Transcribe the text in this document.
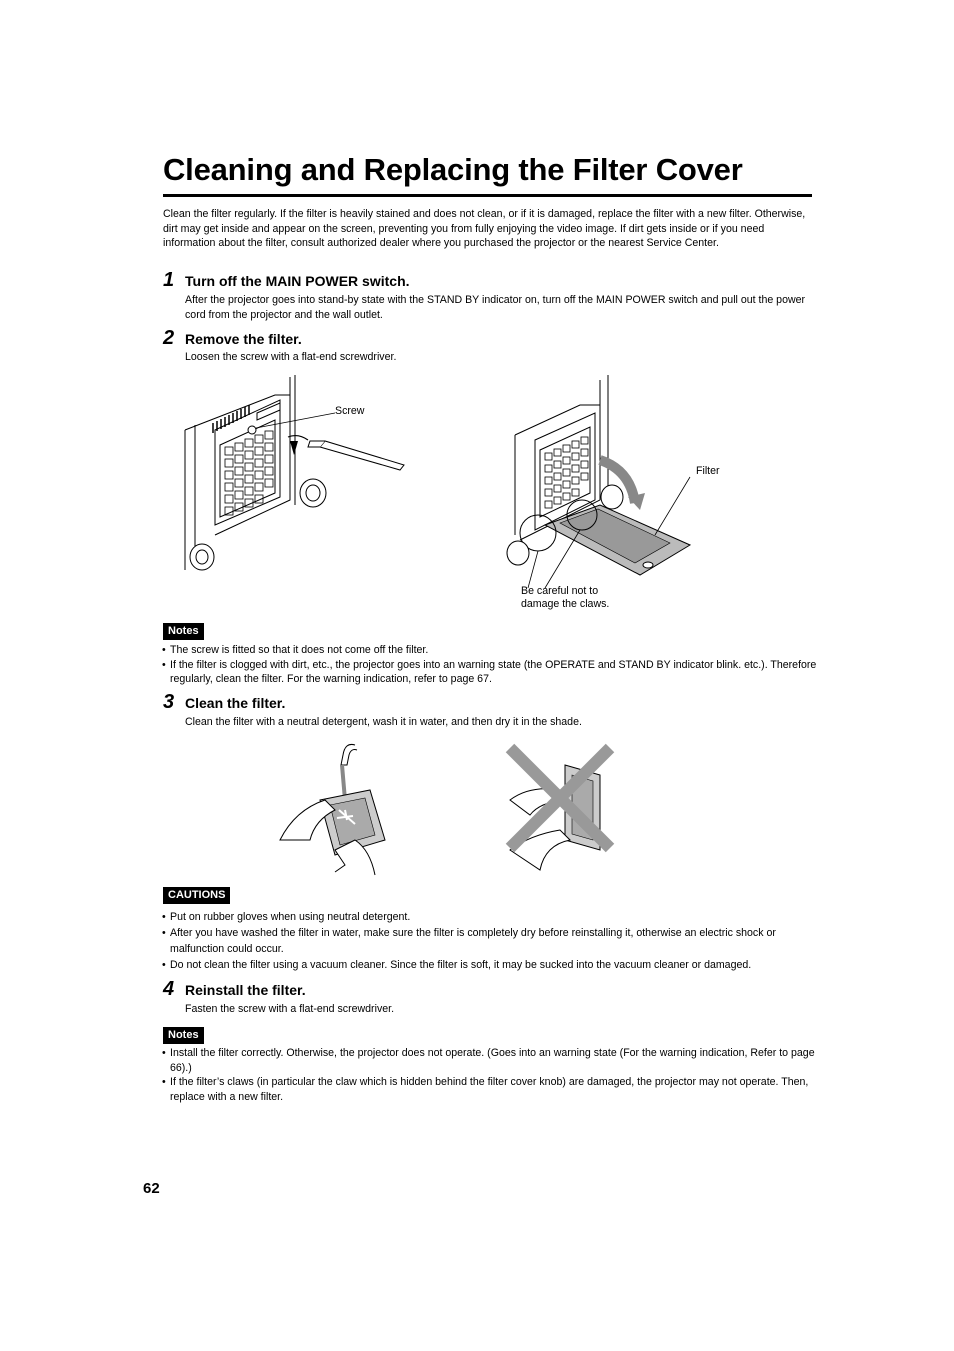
Cleaning and Replacing the Filter Cover
Clean the filter regularly. If the filter is heavily stained and does not clean, or if it is damaged, replace the filter with a new filter. Otherwise, dirt may get inside and appear on the screen, preventing you from fully enjoying the video image. If dirt gets inside or if you need information about the filter, consult authorized dealer where you purchased the projector or the nearest Service Center.
1 Turn off the MAIN POWER switch.
After the projector goes into stand-by state with the STAND BY indicator on, turn off the MAIN POWER switch and pull out the power cord from the projector and the wall outlet.
2 Remove the filter.
Loosen the screw with a flat-end screwdriver.
Screw
Filter
Be careful not to
damage the claws.
Notes
• The screw is fitted so that it does not come off the filter.
• If the filter is clogged with dirt, etc., the projector goes into an warning state (the OPERATE and STAND BY indicator blink. etc.). Therefore regularly, clean the filter. For the warning indication, refer to page 67.
3 Clean the filter.
Clean the filter with a neutral detergent, wash it in water, and then dry it in the shade.
CAUTIONS
• Put on rubber gloves when using neutral detergent.
• After you have washed the filter in water, make sure the filter is completely dry before reinstalling it, otherwise an electric shock or malfunction could occur.
• Do not clean the filter using a vacuum cleaner. Since the filter is soft, it may be sucked into the vacuum cleaner or damaged.
4 Reinstall the filter.
Fasten the screw with a flat-end screwdriver.
Notes
• Install the filter correctly. Otherwise, the projector does not operate. (Goes into an warning state (For the warning indication, Refer to page 66).)
• If the filter’s claws (in particular the claw which is hidden behind the filter cover knob) are damaged, the projector may not operate. Then, replace with a new filter.
62
